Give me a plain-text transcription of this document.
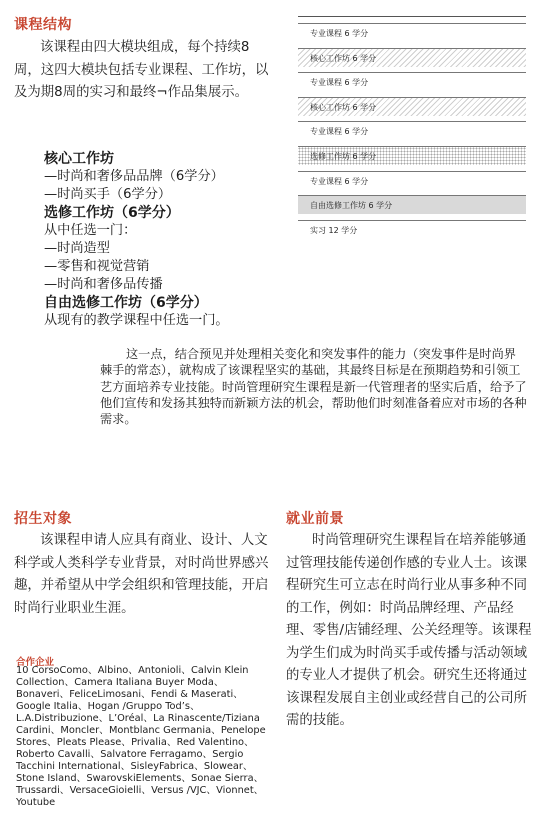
课程结构

该课程由四大模块组成，每个持续8周，这四大模块包括专业课程、工作坊，以及为期8周的实习和最终¬作品集展示。

核心工作坊
—时尚和奢侈品品牌（6学分）
—时尚买手（6学分）
选修工作坊（6学分）
从中任选一门：
—时尚造型
—零售和视觉营销
—时尚和奢侈品传播
自由选修工作坊（6学分）
从现有的教学课程中任选一门。
专业课程 6 学分
核心工作坊 6 学分
专业课程 6 学分
核心工作坊 6 学分
专业课程 6 学分
选修工作坊 6 学分
专业课程 6 学分
自由选修工作坊 6 学分
实习 12 学分

这一点，结合预见并处理相关变化和突发事件的能力（突发事件是时尚界棘手的常态），就构成了该课程坚实的基础，其最终目标是在预期趋势和引领工艺方面培养专业技能。时尚管理研究生课程是新一代管理者的坚实后盾，给予了他们宣传和发扬其独特而新颖方法的机会，帮助他们时刻准备着应对市场的各种需求。

招生对象

该课程申请人应具有商业、设计、人文科学或人类科学专业背景，对时尚世界感兴趣，并希望从中学会组织和管理技能，开启时尚行业职业生涯。

就业前景

时尚管理研究生课程旨在培养能够通过管理技能传递创作感的专业人士。该课程研究生可立志在时尚行业从事多种不同的工作，例如：时尚品牌经理、产品经理、零售/店铺经理、公关经理等。该课程为学生们成为时尚买手或传播与活动领域的专业人才提供了机会。研究生还将通过该课程发展自主创业或经营自己的公司所需的技能。

合作企业

10 CorsoComo、Albino、Antonioli、Calvin Klein Collection、Camera Italiana Buyer Moda、Bonaveri、FeliceLimosani、Fendi & Maserati、 Google Italia、Hogan /Gruppo Tod’s、L.A.Distribuzione、L’Oréal、La Rinascente/Tiziana Cardini、Moncler、Montblanc Germania、Penelope Stores、Pleats Please、Privalia、Red Valentino、Roberto Cavalli、Salvatore Ferragamo、Sergio Tacchini International、SisleyFabrica、Slowear、Stone Island、SwarovskiElements、Sonae Sierra、Trussardi、VersaceGioielli、Versus /VJC、Vionnet、Youtube
